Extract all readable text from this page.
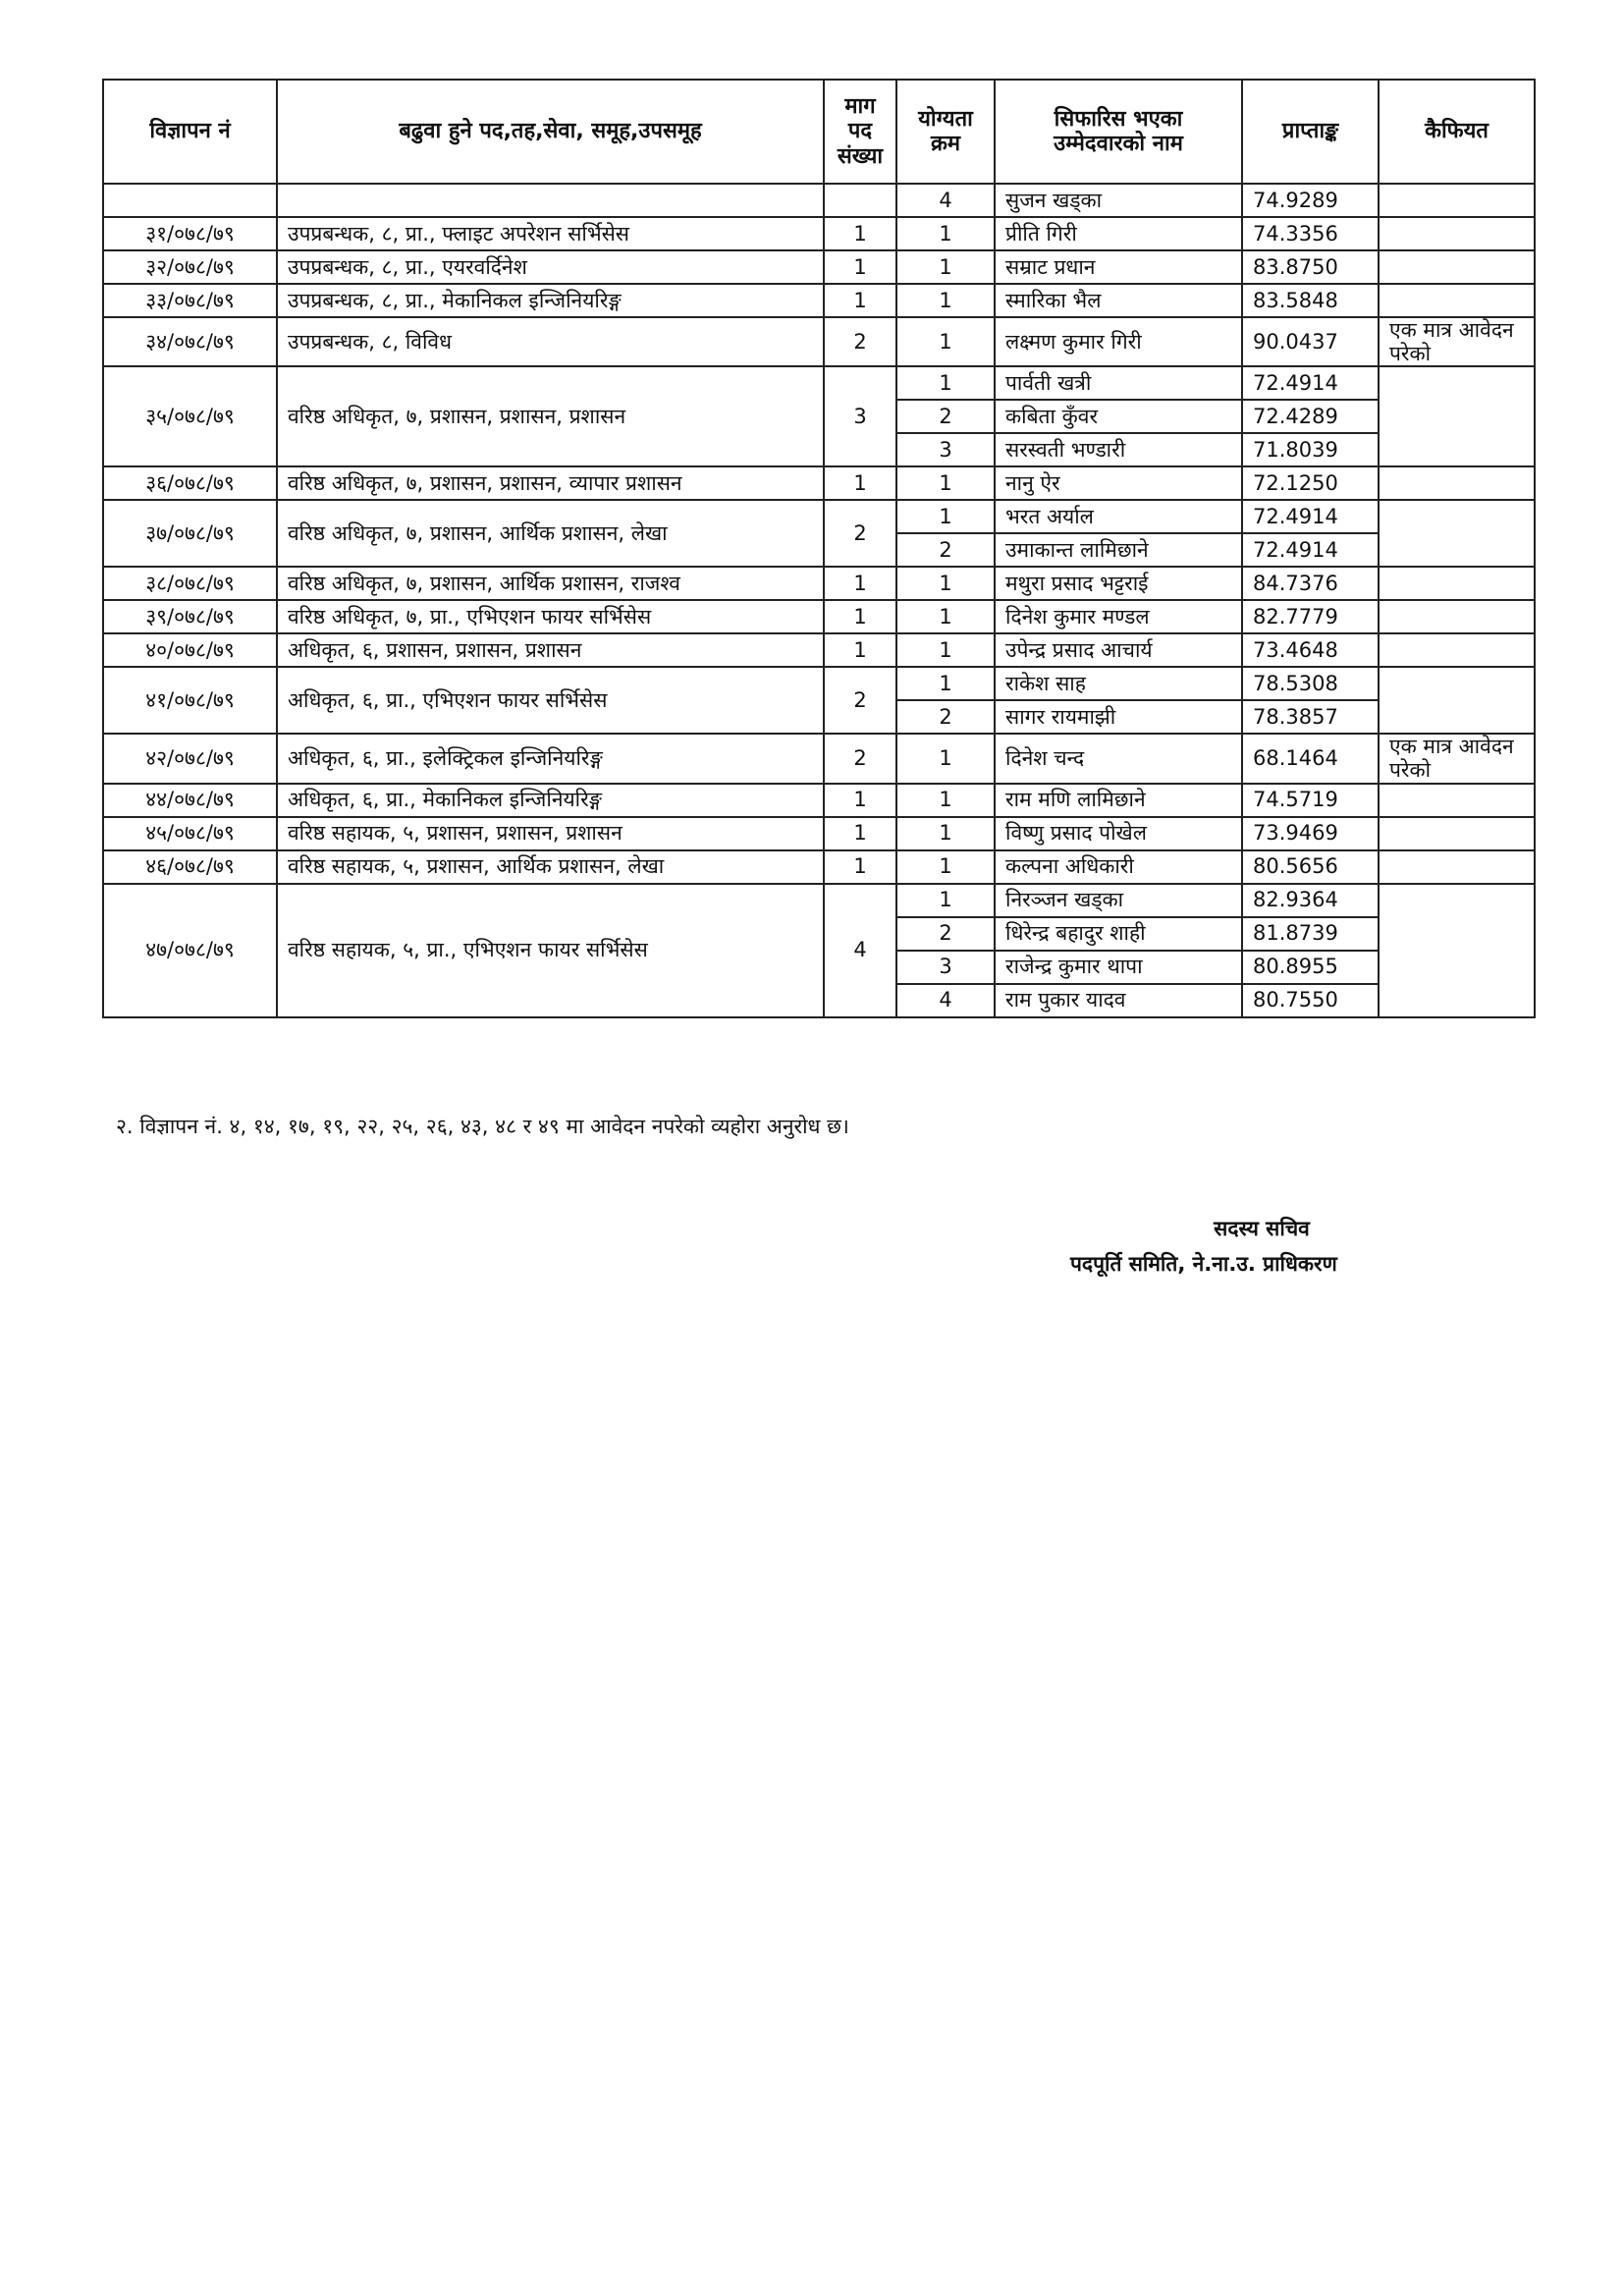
विज्ञापन नं	बढुवा हुने पद,तह,सेवा, समूह,उपसमूह	माग पद संख्या	योग्यता क्रम	सिफारिस भएका उम्मेदवारको नाम	प्राप्ताङ्क	कैफियत
			4	सुजन खड्का	74.9289	
३१/०७८/७९	उपप्रबन्धक, ८, प्रा., फ्लाइट अपरेशन सर्भिसेस	1	1	प्रीति गिरी	74.3356	
३२/०७८/७९	उपप्रबन्धक, ८, प्रा., एयरवर्दिनेश	1	1	सम्राट प्रधान	83.8750	
३३/०७८/७९	उपप्रबन्धक, ८, प्रा., मेकानिकल इन्जिनियरिङ्ग	1	1	स्मारिका भैल	83.5848	
३४/०७८/७९	उपप्रबन्धक, ८, विविध	2	1	लक्ष्मण कुमार गिरी	90.0437	एक मात्र आवेदन परेको
३५/०७८/७९	वरिष्ठ अधिकृत, ७, प्रशासन, प्रशासन, प्रशासन	3	1	पार्वती खत्री	72.4914	
			2	कबिता कुँवर	72.4289	
			3	सरस्वती भण्डारी	71.8039	
३६/०७८/७९	वरिष्ठ अधिकृत, ७, प्रशासन, प्रशासन, व्यापार प्रशासन	1	1	नानु ऐर	72.1250	
३७/०७८/७९	वरिष्ठ अधिकृत, ७, प्रशासन, आर्थिक प्रशासन, लेखा	2	1	भरत अर्याल	72.4914	
			2	उमाकान्त लामिछाने	72.4914	
३८/०७८/७९	वरिष्ठ अधिकृत, ७, प्रशासन, आर्थिक प्रशासन, राजश्व	1	1	मथुरा प्रसाद भट्टराई	84.7376	
३९/०७८/७९	वरिष्ठ अधिकृत, ७, प्रा., एभिएशन फायर सर्भिसेस	1	1	दिनेश कुमार मण्डल	82.7779	
४०/०७८/७९	अधिकृत, ६, प्रशासन, प्रशासन, प्रशासन	1	1	उपेन्द्र प्रसाद आचार्य	73.4648	
४१/०७८/७९	अधिकृत, ६, प्रा., एभिएशन फायर सर्भिसेस	2	1	राकेश साह	78.5308	
			2	सागर रायमाझी	78.3857	
४२/०७८/७९	अधिकृत, ६, प्रा., इलेक्ट्रिकल इन्जिनियरिङ्ग	2	1	दिनेश चन्द	68.1464	एक मात्र आवेदन परेको
४४/०७८/७९	अधिकृत, ६, प्रा., मेकानिकल इन्जिनियरिङ्ग	1	1	राम मणि लामिछाने	74.5719	
४५/०७८/७९	वरिष्ठ सहायक, ५, प्रशासन, प्रशासन, प्रशासन	1	1	विष्णु प्रसाद पोखेल	73.9469	
४६/०७८/७९	वरिष्ठ सहायक, ५, प्रशासन, आर्थिक प्रशासन, लेखा	1	1	कल्पना अधिकारी	80.5656	
४७/०७८/७९	वरिष्ठ सहायक, ५, प्रा., एभिएशन फायर सर्भिसेस	4	1	निरञ्जन खड्का	82.9364	
			2	धिरेन्द्र बहादुर शाही	81.8739	
			3	राजेन्द्र कुमार थापा	80.8955	
			4	राम पुकार यादव	80.7550	

२. विज्ञापन नं. ४, १४, १७, १९, २२, २५, २६, ४३, ४८ र ४९ मा आवेदन नपरेको व्यहोरा अनुरोध छ।

सदस्य सचिव
पदपूर्ति समिति, ने.ना.उ. प्राधिकरण
